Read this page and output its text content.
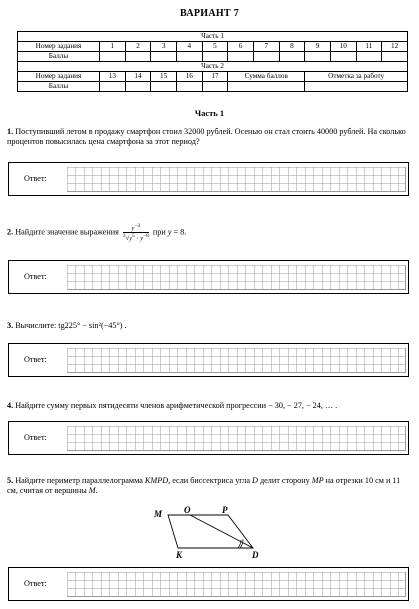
ВАРИАНТ 7
Часть 1												
Номер задания	1	2	3	4	5	6	7	8	9	10	11	12
Баллы												
Часть 2												
Номер задания	13	14	15	16	17	Сумма баллов			Отметка за работу			
Баллы												
Часть 1
1. Поступивший летом в продажу смартфон стоил 32000 рублей. Осенью он стал стоить 40000 рублей. На сколько процентов повысилась цена смартфона за этот период?
Ответ:
2. Найдите значение выражения $\frac{y^{-3}}{^3√y^5 \cdot y^{-8}}$ при y = 8.
Ответ:
3. Вычислите: tg225° − sin²(−45°) .
Ответ:
4. Найдите сумму первых пятидесяти членов арифметической прогрессии − 30, − 27, − 24, … .
Ответ:
5. Найдите периметр параллелограмма KMPD, если биссектриса угла D делит сторону MP на отрезки 10 см и 11 см, считая от вершины M.
M O	P
K	D
Ответ:
